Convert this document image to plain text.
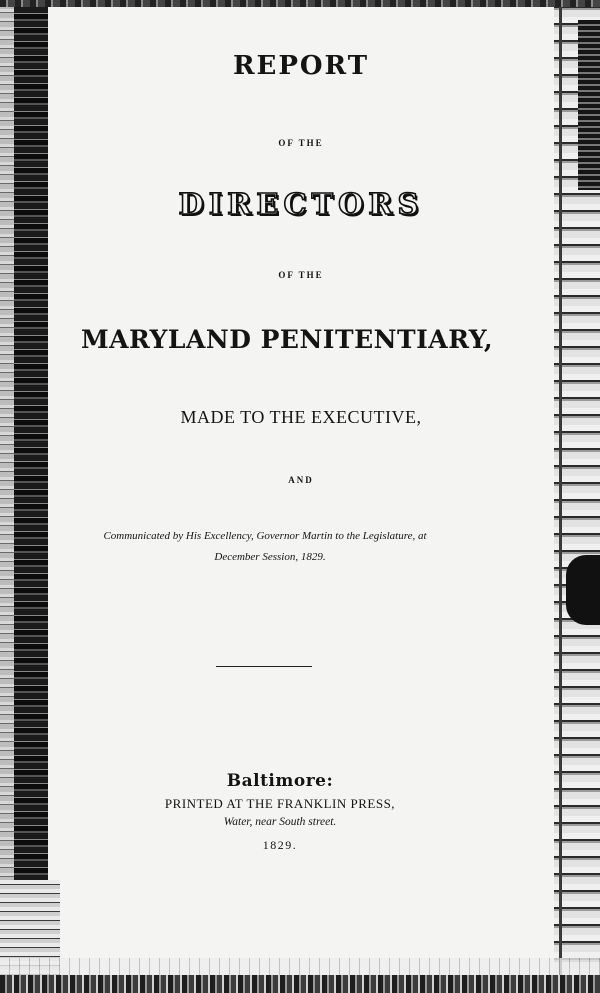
REPORT
OF THE
DIRECTORS
OF THE
MARYLAND PENITENTIARY,
MADE TO THE EXECUTIVE,
AND
Communicated by His Excellency, Governor Martin to the Legislature, at
December Session, 1829.
Baltimore:
PRINTED AT THE FRANKLIN PRESS,
Water, near South street.
1829.
